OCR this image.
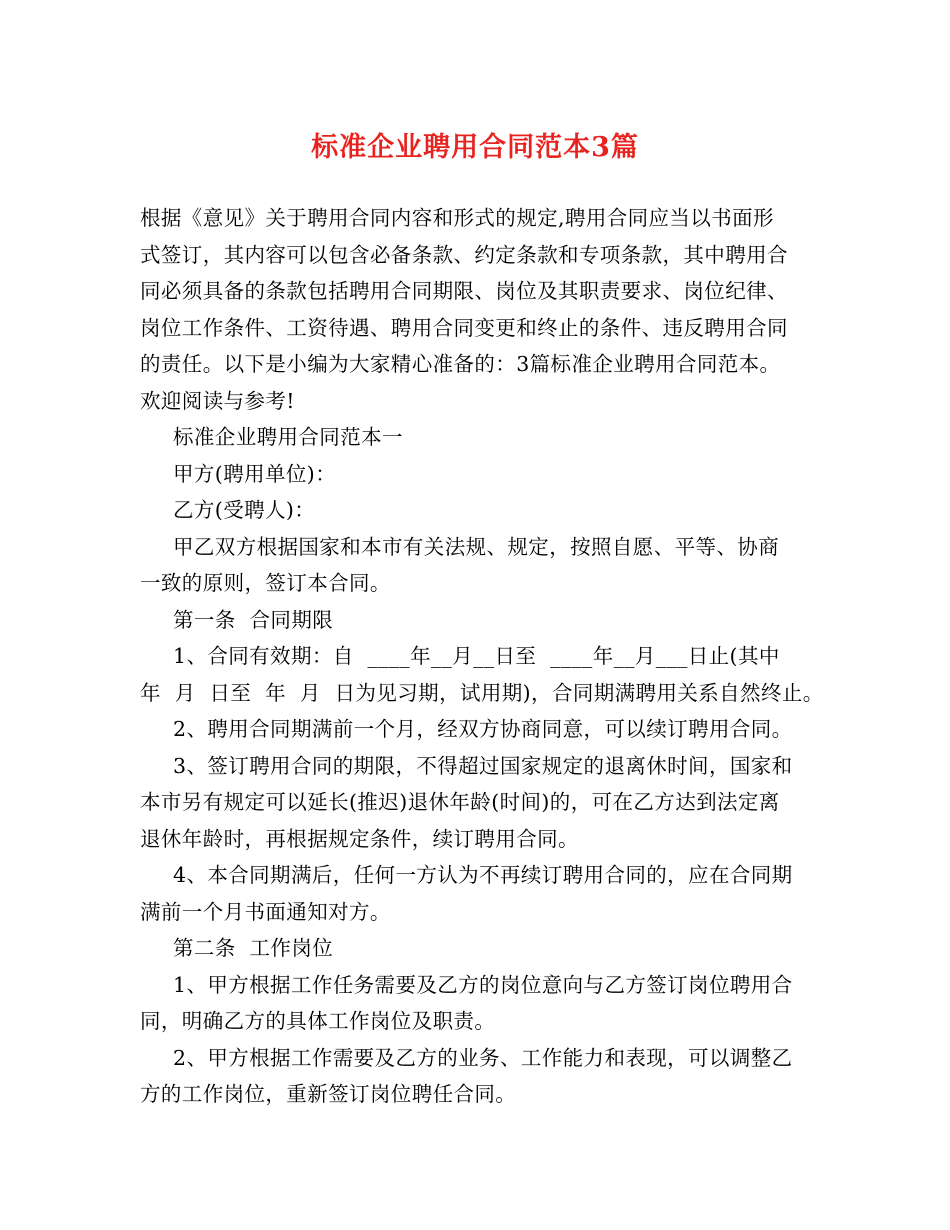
标准企业聘用合同范本3篇
根据《意见》关于聘用合同内容和形式的规定,聘用合同应当以书面形
式签订，其内容可以包含必备条款、约定条款和专项条款，其中聘用合
同必须具备的条款包括聘用合同期限、岗位及其职责要求、岗位纪律、
岗位工作条件、工资待遇、聘用合同变更和终止的条件、违反聘用合同
的责任。以下是小编为大家精心准备的：3篇标准企业聘用合同范本。
欢迎阅读与参考!
标准企业聘用合同范本一
甲方(聘用单位)：
乙方(受聘人)：
甲乙双方根据国家和本市有关法规、规定，按照自愿、平等、协商
一致的原则，签订本合同。
第一条  合同期限
1、合同有效期：自  ____年__月__日至  ____年__月___日止(其中
年  月  日至  年  月  日为见习期，试用期)，合同期满聘用关系自然终止。
2、聘用合同期满前一个月，经双方协商同意，可以续订聘用合同。
3、签订聘用合同的期限，不得超过国家规定的退离休时间，国家和
本市另有规定可以延长(推迟)退休年龄(时间)的，可在乙方达到法定离
退休年龄时，再根据规定条件，续订聘用合同。
4、本合同期满后，任何一方认为不再续订聘用合同的，应在合同期
满前一个月书面通知对方。
第二条  工作岗位
1、甲方根据工作任务需要及乙方的岗位意向与乙方签订岗位聘用合
同，明确乙方的具体工作岗位及职责。
2、甲方根据工作需要及乙方的业务、工作能力和表现，可以调整乙
方的工作岗位，重新签订岗位聘任合同。
